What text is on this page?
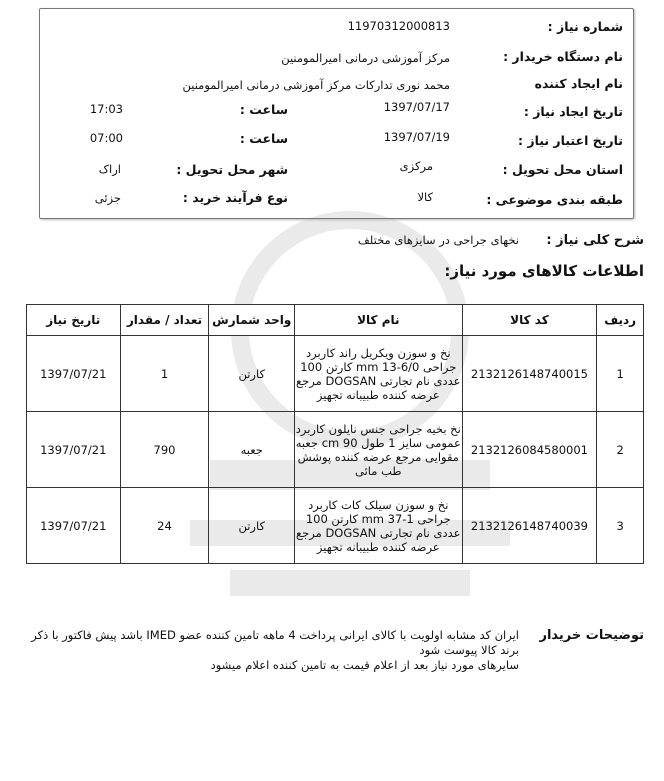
شماره نیاز :
11970312000813
نام دستگاه خریدار :
مرکز آموزشی درمانی امیرالمومنین
نام ایجاد کننده
محمد نوری تدارکات مرکز آموزشی درمانی امیرالمومنین
تاریخ ایجاد نیاز :
1397/07/17
ساعت :
17:03
تاریخ اعتبار نیاز :
1397/07/19
ساعت :
07:00
استان محل تحویل :
مرکزی
شهر محل تحویل :
اراک
طبقه بندی موضوعی :
کالا
نوع فرآیند خرید :
جزئی
شرح کلی نیاز :
نخهای جراحی در سایزهای مختلف
اطلاعات کالاهای مورد نیاز:
ردیف	کد کالا	نام کالا	واحد شمارش	تعداد / مقدار	تاریخ نیاز
1	2132126148740015	نخ و سوزن ویکریل راند کاربرد جراحی mm 13-6/0 کارتن 100 عددی نام تجارتی DOGSAN مرجع عرضه کننده طبیبانه تجهیز	کارتن	1	1397/07/21
2	2132126084580001	نخ بخیه جراحی جنس نایلون کاربرد عمومی سایز 1 طول 90 cm جعبه مقوایی مرجع عرضه کننده پوشش طب مائی	جعبه	790	1397/07/21
3	2132126148740039	نخ و سوزن سیلک کات کاربرد جراحی mm 37-1 کارتن 100 عددی نام تجارتی DOGSAN مرجع عرضه کننده طبیبانه تجهیز	کارتن	24	1397/07/21
توضیحات خریدار
ایران کد مشابه اولویت با کالای ایرانی پرداخت 4 ماهه تامین کننده عضو IMED باشد پیش فاکتور با ذکر برند کالا پیوست شود
سایرهای مورد نیاز بعد از اعلام قیمت به تامین کننده اعلام میشود
